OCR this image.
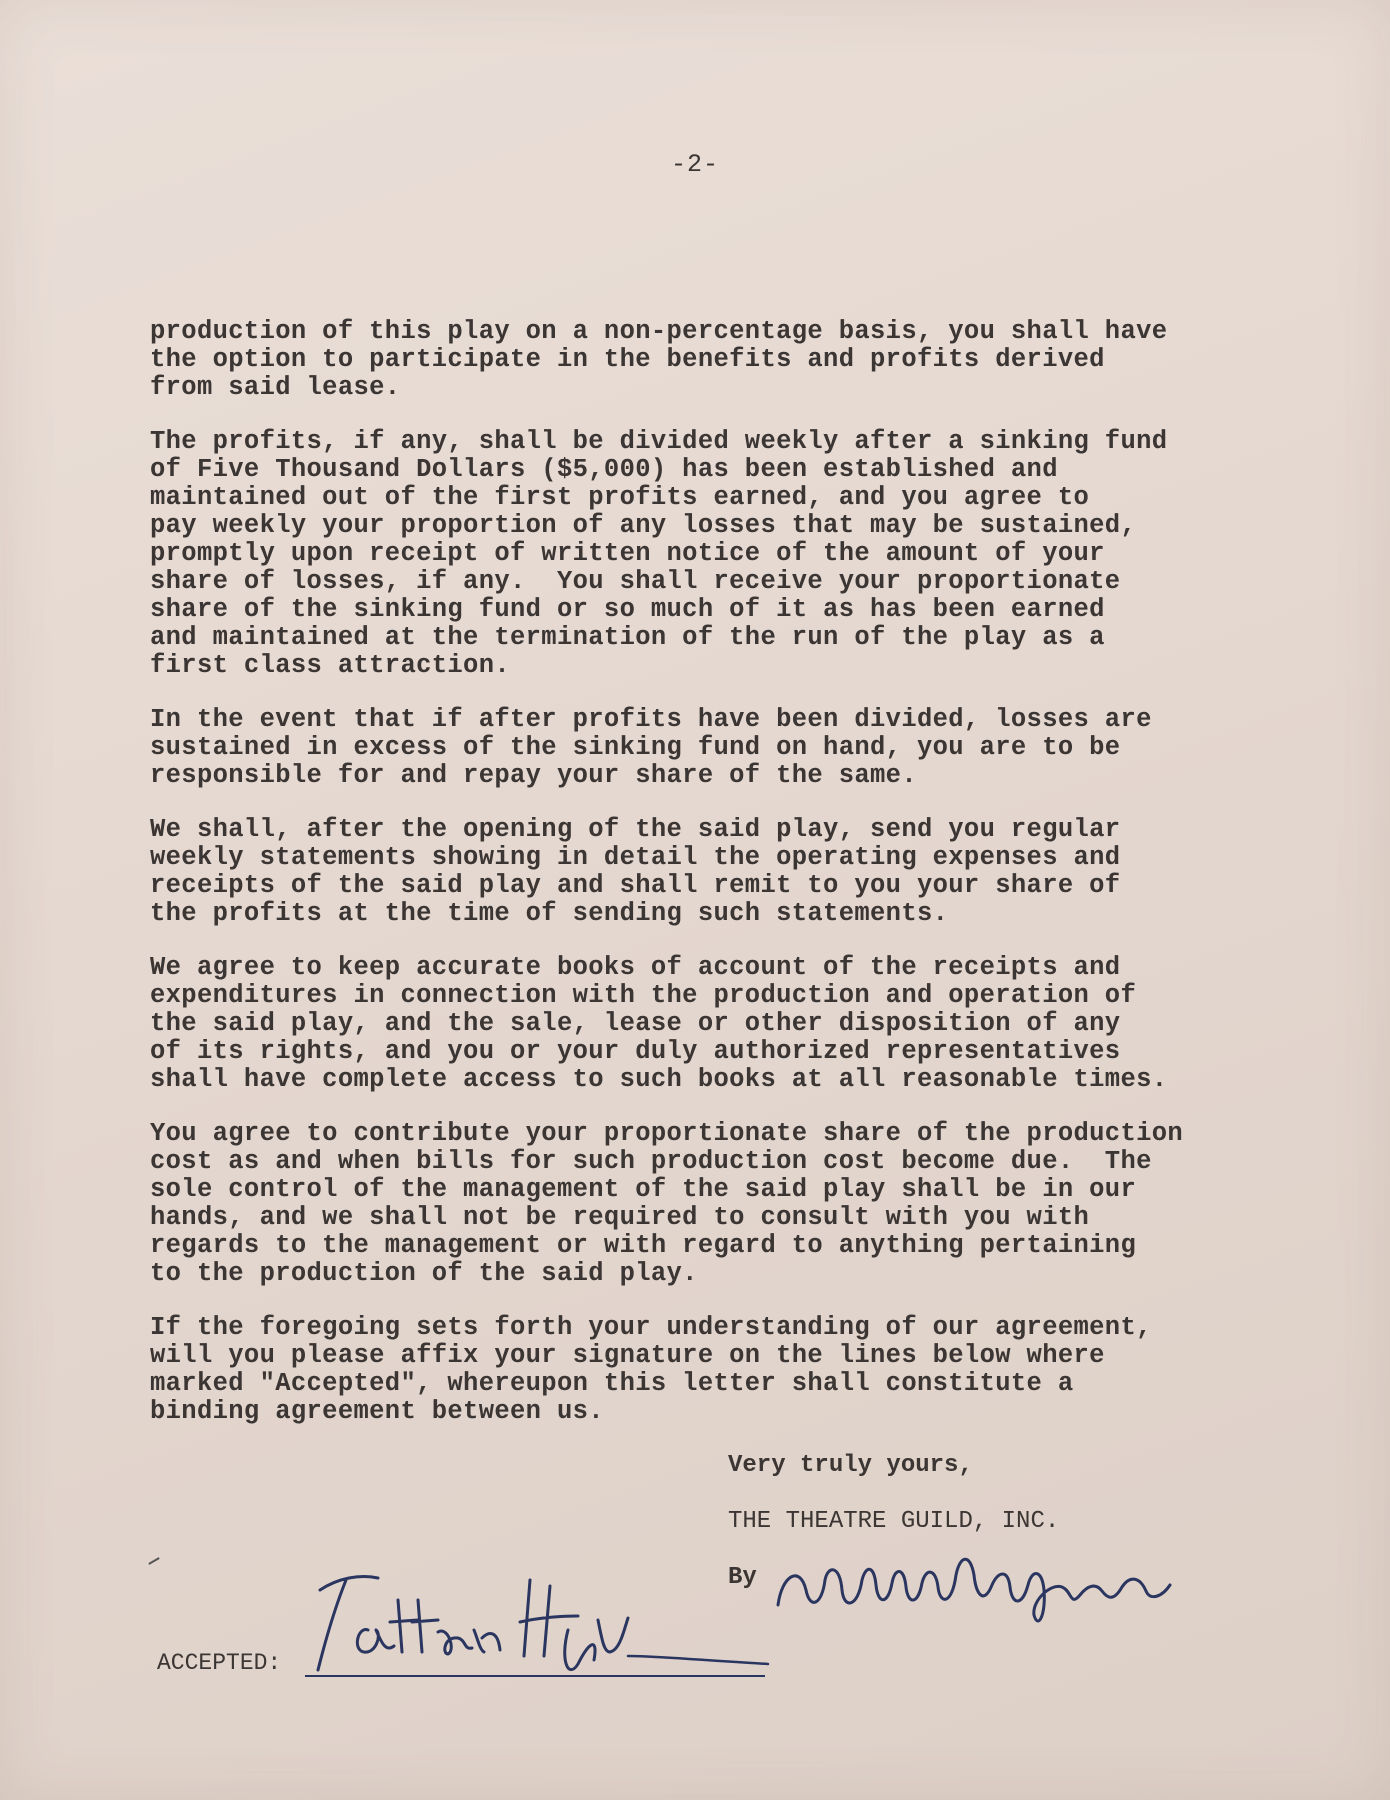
-2-

production of this play on a non-percentage basis, you shall have
the option to participate in the benefits and profits derived
from said lease.

The profits, if any, shall be divided weekly after a sinking fund
of Five Thousand Dollars ($5,000) has been established and
maintained out of the first profits earned, and you agree to
pay weekly your proportion of any losses that may be sustained,
promptly upon receipt of written notice of the amount of your
share of losses, if any.  You shall receive your proportionate
share of the sinking fund or so much of it as has been earned
and maintained at the termination of the run of the play as a
first class attraction.

In the event that if after profits have been divided, losses are
sustained in excess of the sinking fund on hand, you are to be
responsible for and repay your share of the same.

We shall, after the opening of the said play, send you regular
weekly statements showing in detail the operating expenses and
receipts of the said play and shall remit to you your share of
the profits at the time of sending such statements.

We agree to keep accurate books of account of the receipts and
expenditures in connection with the production and operation of
the said play, and the sale, lease or other disposition of any
of its rights, and you or your duly authorized representatives
shall have complete access to such books at all reasonable times.

You agree to contribute your proportionate share of the production
cost as and when bills for such production cost become due.  The
sole control of the management of the said play shall be in our
hands, and we shall not be required to consult with you with
regards to the management or with regard to anything pertaining
to the production of the said play.

If the foregoing sets forth your understanding of our agreement,
will you please affix your signature on the lines below where
marked "Accepted", whereupon this letter shall constitute a
binding agreement between us.

Very truly yours,
THE THEATRE GUILD, INC.
By
ACCEPTED:
